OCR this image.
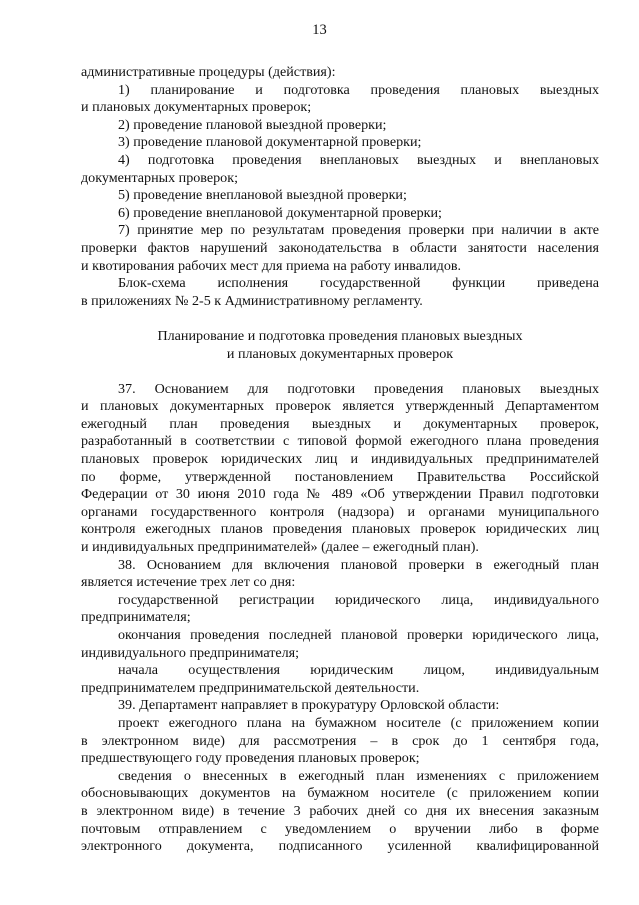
13
административные процедуры (действия):
1) планирование и подготовка проведения плановых выездных
и плановых документарных проверок;
2) проведение плановой выездной проверки;
3) проведение плановой документарной проверки;
4) подготовка проведения внеплановых выездных и внеплановых
документарных проверок;
5) проведение внеплановой выездной проверки;
6) проведение внеплановой документарной проверки;
7) принятие мер по результатам проведения проверки при наличии в акте
проверки фактов нарушений законодательства в области занятости населения
и квотирования рабочих мест для приема на работу инвалидов.
Блок-схема исполнения государственной функции приведена
в приложениях № 2-5 к Административному регламенту.
Планирование и подготовка проведения плановых выездных
и плановых документарных проверок
37. Основанием для подготовки проведения плановых выездных
и плановых документарных проверок является утвержденный Департаментом
ежегодный план проведения выездных и документарных проверок,
разработанный в соответствии с типовой формой ежегодного плана проведения
плановых проверок юридических лиц и индивидуальных предпринимателей
по форме, утвержденной постановлением Правительства Российской
Федерации от 30 июня 2010 года № 489 «Об утверждении Правил подготовки
органами государственного контроля (надзора) и органами муниципального
контроля ежегодных планов проведения плановых проверок юридических лиц
и индивидуальных предпринимателей» (далее – ежегодный план).
38. Основанием для включения плановой проверки в ежегодный план
является истечение трех лет со дня:
государственной регистрации юридического лица, индивидуального
предпринимателя;
окончания проведения последней плановой проверки юридического лица,
индивидуального предпринимателя;
начала осуществления юридическим лицом, индивидуальным
предпринимателем предпринимательской деятельности.
39. Департамент направляет в прокуратуру Орловской области:
проект ежегодного плана на бумажном носителе (с приложением копии
в электронном виде) для рассмотрения – в срок до 1 сентября года,
предшествующего году проведения плановых проверок;
сведения о внесенных в ежегодный план изменениях с приложением
обосновывающих документов на бумажном носителе (с приложением копии
в электронном виде) в течение 3 рабочих дней со дня их внесения заказным
почтовым отправлением с уведомлением о вручении либо в форме
электронного документа, подписанного усиленной квалифицированной
